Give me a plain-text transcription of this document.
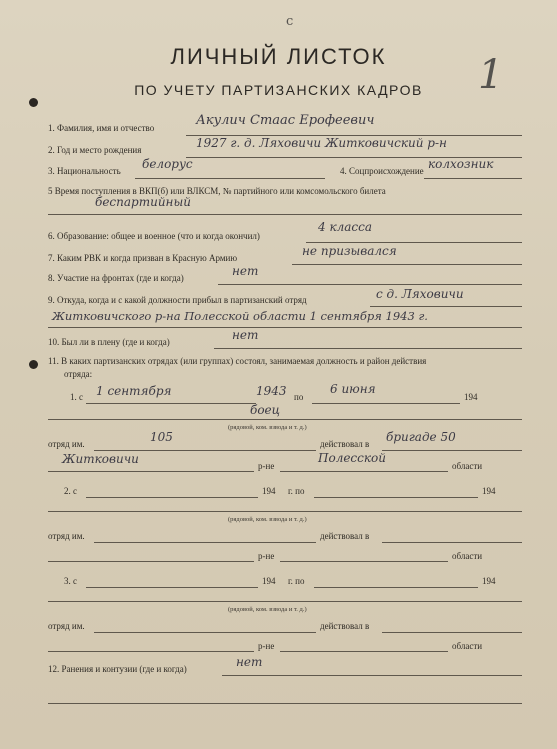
с
1
ЛИЧНЫЙ ЛИСТОК
ПО УЧЕТУ ПАРТИЗАНСКИХ КАДРОВ
1. Фамилия, имя и отчество	Акулич Стаас Ерофеевич
2. Год и место рождения	1927 г. д. Ляховичи Житковичский р-н
3. Национальность белорус	4. Соцпроисхождение колхозник
5 Время поступления в ВКП(б) или ВЛКСМ, № партийного или комсомольского билета
беспартийный
6. Образование: общее и военное (что и когда окончил)
4 класса
7. Каким РВК и когда призван в Красную Армию	не призывался
8. Участие на фронтах (где и когда)	нет
9. Откуда, когда и с какой должности прибыл в партизанский отряд	с д. Ляховичи
Житковичского р-на Полесской области 1 сентября 1943 г.
10. Был ли в плену (где и когда)	нет
11. В каких партизанских отрядах (или группах) состоял, занимаемая должность и район действия
отряда:
1. с 1 сентября	1943 по
6 июня
194
боец
(рядовой, ком. взвода и т. д.)
отряд им.	105	действовал в бригаде 50
Житковичи	р-не
Полесской
области
2. с	194 г. по	194
(рядовой, ком. взвода и т. д.)
отряд им.	действовал в
р-не	области
3. с	194 г. по	194
(рядовой, ком. взвода и т. д.)
отряд им.	действовал в
р-не	области
12. Ранения и контузии (где и когда)	нет
